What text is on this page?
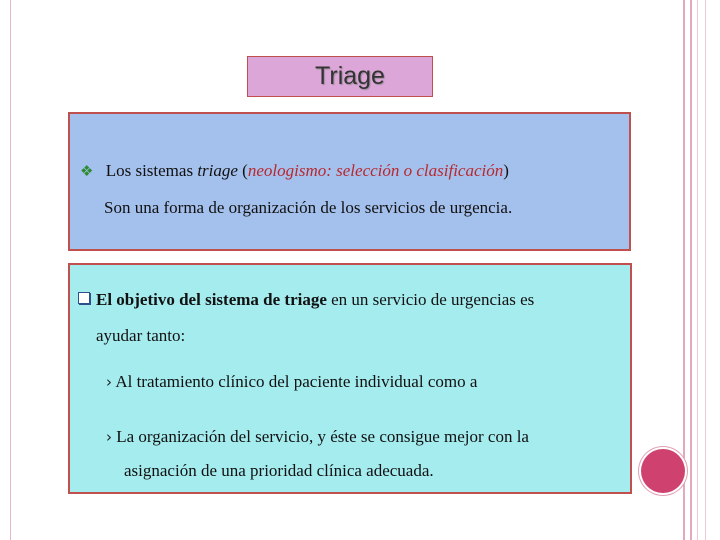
Triage
❖ Los sistemas triage (neologismo: selección o clasificación)
Son una forma de organización de los servicios de urgencia.
El objetivo del sistema de triage en un servicio de urgencias es
ayudar tanto:
› Al tratamiento clínico del paciente individual como a
› La organización del servicio, y éste se consigue mejor con la
asignación de una prioridad clínica adecuada.
